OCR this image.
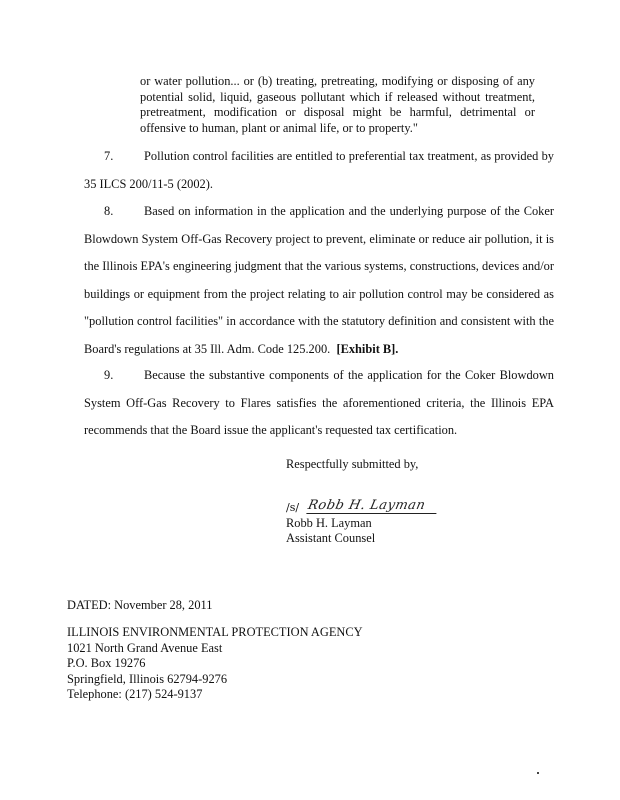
or water pollution... or (b) treating, pretreating, modifying or disposing of any potential solid, liquid, gaseous pollutant which if released without treatment, pretreatment, modification or disposal might be harmful, detrimental or offensive to human, plant or animal life, or to property."
7. Pollution control facilities are entitled to preferential tax treatment, as provided by 35 ILCS 200/11-5 (2002).
8. Based on information in the application and the underlying purpose of the Coker Blowdown System Off-Gas Recovery project to prevent, eliminate or reduce air pollution, it is the Illinois EPA's engineering judgment that the various systems, constructions, devices and/or buildings or equipment from the project relating to air pollution control may be considered as "pollution control facilities" in accordance with the statutory definition and consistent with the Board's regulations at 35 Ill. Adm. Code 125.200. [Exhibit B].
9. Because the substantive components of the application for the Coker Blowdown System Off-Gas Recovery to Flares satisfies the aforementioned criteria, the Illinois EPA recommends that the Board issue the applicant's requested tax certification.
Respectfully submitted by,
/s/ Robb H. Layman
Robb H. Layman
Assistant Counsel
DATED: November 28, 2011
ILLINOIS ENVIRONMENTAL PROTECTION AGENCY
1021 North Grand Avenue East
P.O. Box 19276
Springfield, Illinois 62794-9276
Telephone: (217) 524-9137
